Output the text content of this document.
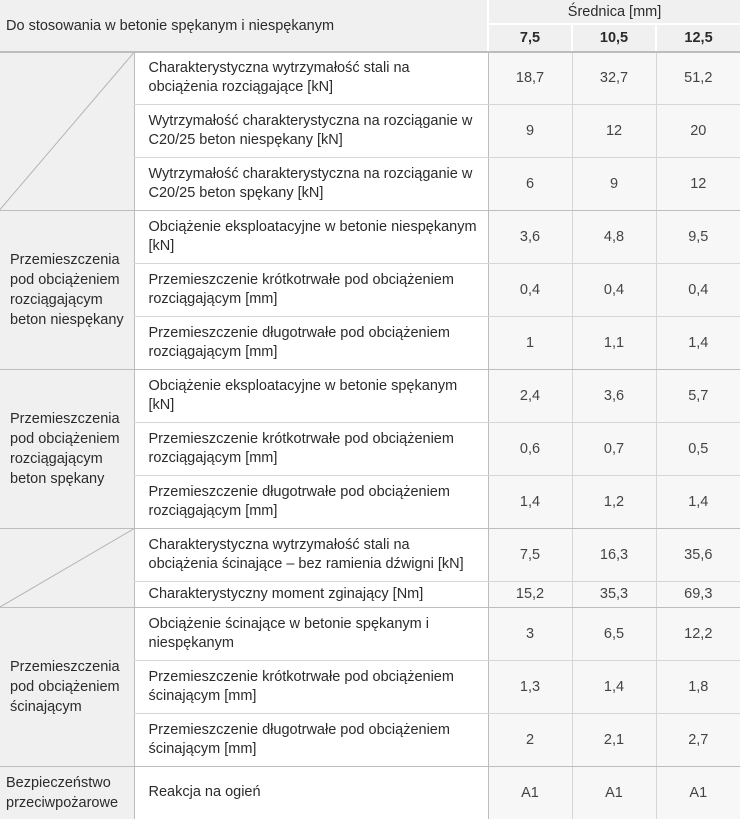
Do stosowania w betonie spękanym i niespękanym		Średnica [mm]		
		7,5	10,5	12,5

	Charakterystyczna wytrzymałość stali na obciążenia rozciągające [kN]	18,7	32,7	51,2
	Wytrzymałość charakterystyczna na rozciąganie w C20/25 beton niespękany [kN]	9	12	20
	Wytrzymałość charakterystyczna na rozciąganie w C20/25 beton spękany [kN]	6	9	12
Przemieszczenia pod obciążeniem rozciągającym beton niespękany	Obciążenie eksploatacyjne w betonie niespękanym [kN]	3,6	4,8	9,5
	Przemieszczenie krótkotrwałe pod obciążeniem rozciągającym [mm]	0,4	0,4	0,4
	Przemieszczenie długotrwałe pod obciążeniem rozciągającym [mm]	1	1,1	1,4
Przemieszczenia pod obciążeniem rozciągającym beton spękany	Obciążenie eksploatacyjne w betonie spękanym [kN]	2,4	3,6	5,7
	Przemieszczenie krótkotrwałe pod obciążeniem rozciągającym [mm]	0,6	0,7	0,5
	Przemieszczenie długotrwałe pod obciążeniem rozciągającym [mm]	1,4	1,2	1,4

	Charakterystyczna wytrzymałość stali na obciążenia ścinające – bez ramienia dźwigni [kN]	7,5	16,3	35,6
	Charakterystyczny moment zginający [Nm]	15,2	35,3	69,3
Przemieszczenia pod obciążeniem ścinającym	Obciążenie ścinające w betonie spękanym i niespękanym	3	6,5	12,2
	Przemieszczenie krótkotrwałe pod obciążeniem ścinającym [mm]	1,3	1,4	1,8
	Przemieszczenie długotrwałe pod obciążeniem ścinającym [mm]	2	2,1	2,7
Bezpieczeństwo przeciwpożarowe	Reakcja na ogień	A1	A1	A1
